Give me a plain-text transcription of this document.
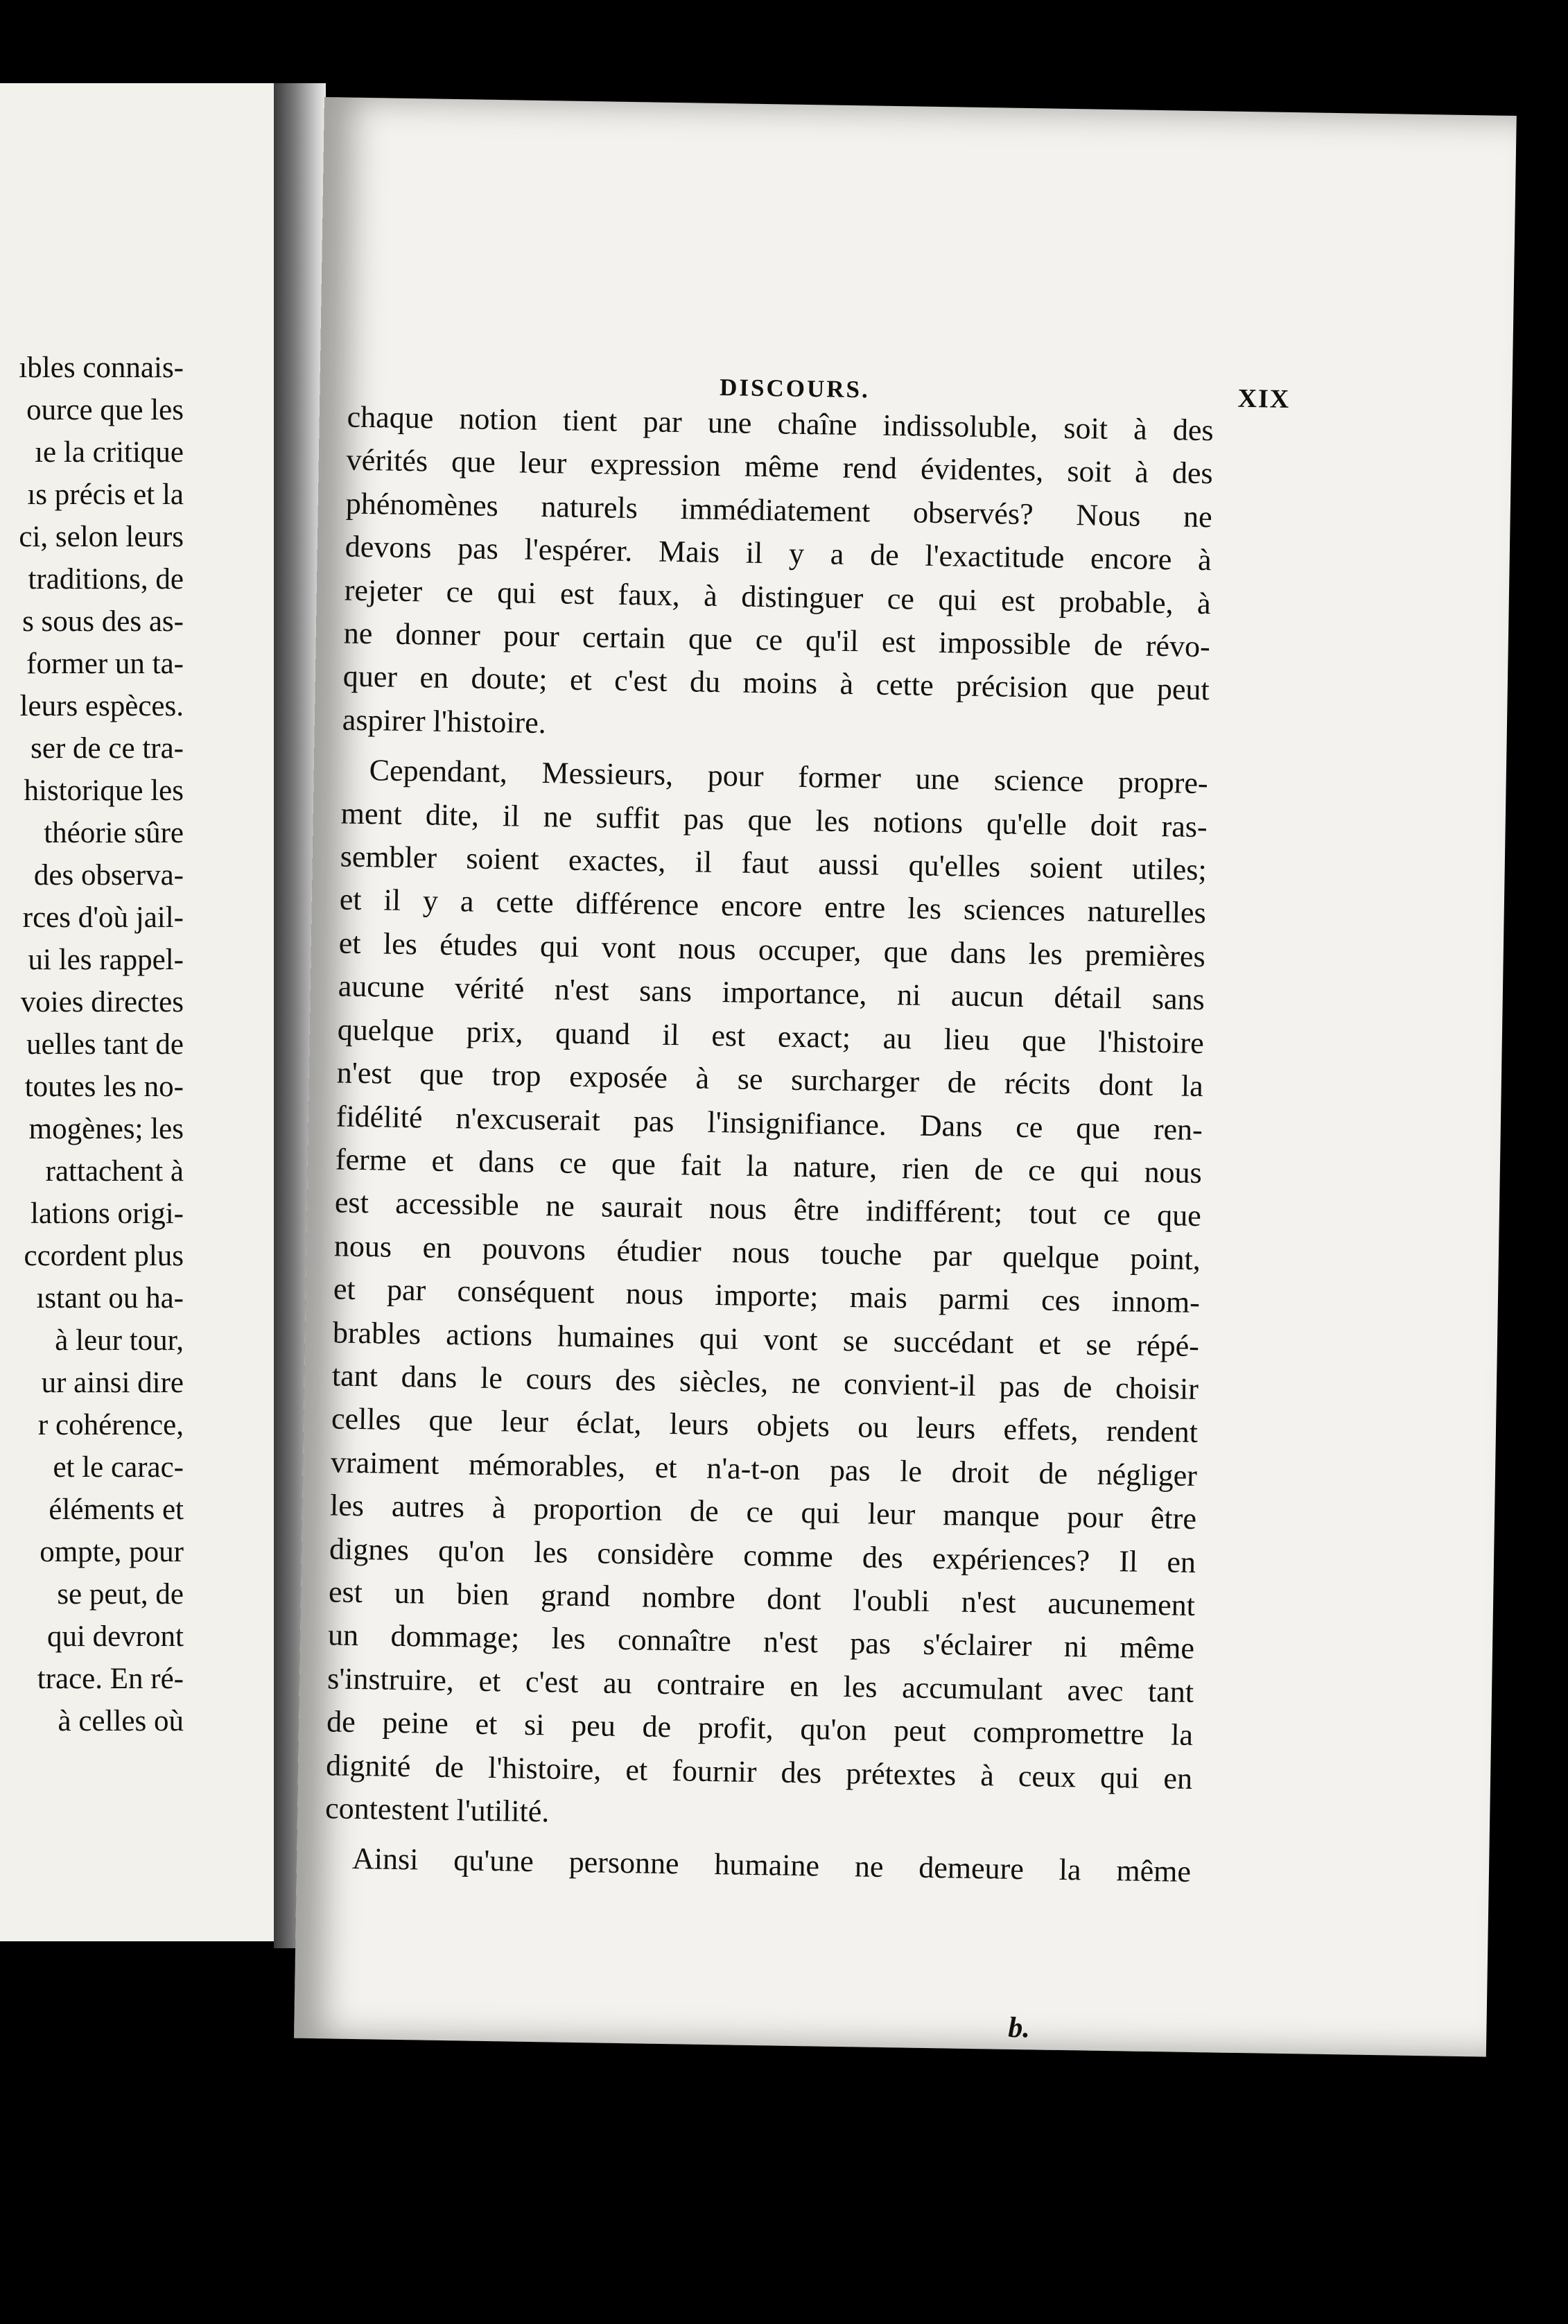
ıbles connais-
ource que les
ıe la critique
ıs précis et la
ci, selon leurs
traditions, de
s sous des as-
former un ta-
leurs espèces.
ser de ce tra-
historique les
théorie sûre
des observa-
rces d'où jail-
ui les rappel-
voies directes
uelles tant de
toutes les no-
mogènes; les
rattachent à
lations origi-
ccordent plus
ıstant ou ha-
à leur tour,
ur ainsi dire
r cohérence,
et le carac-
éléments et
ompte, pour
se peut, de
qui devront
trace. En ré-
à celles où
DISCOURS.	XIX
chaque notion tient par une chaîne indissoluble, soit à des
vérités que leur expression même rend évidentes, soit à des
phénomènes naturels immédiatement observés? Nous ne
devons pas l'espérer. Mais il y a de l'exactitude encore à
rejeter ce qui est faux, à distinguer ce qui est probable, à
ne donner pour certain que ce qu'il est impossible de révo-
quer en doute; et c'est du moins à cette précision que peut
aspirer l'histoire.
Cependant, Messieurs, pour former une science propre-
ment dite, il ne suffit pas que les notions qu'elle doit ras-
sembler soient exactes, il faut aussi qu'elles soient utiles;
et il y a cette différence encore entre les sciences naturelles
et les études qui vont nous occuper, que dans les premières
aucune vérité n'est sans importance, ni aucun détail sans
quelque prix, quand il est exact; au lieu que l'histoire
n'est que trop exposée à se surcharger de récits dont la
fidélité n'excuserait pas l'insignifiance. Dans ce que ren-
ferme et dans ce que fait la nature, rien de ce qui nous
est accessible ne saurait nous être indifférent; tout ce que
nous en pouvons étudier nous touche par quelque point,
et par conséquent nous importe; mais parmi ces innom-
brables actions humaines qui vont se succédant et se répé-
tant dans le cours des siècles, ne convient-il pas de choisir
celles que leur éclat, leurs objets ou leurs effets, rendent
vraiment mémorables, et n'a-t-on pas le droit de négliger
les autres à proportion de ce qui leur manque pour être
dignes qu'on les considère comme des expériences? Il en
est un bien grand nombre dont l'oubli n'est aucunement
un dommage; les connaître n'est pas s'éclairer ni même
s'instruire, et c'est au contraire en les accumulant avec tant
de peine et si peu de profit, qu'on peut compromettre la
dignité de l'histoire, et fournir des prétextes à ceux qui en
contestent l'utilité.
Ainsi qu'une personne humaine ne demeure la même
b.
